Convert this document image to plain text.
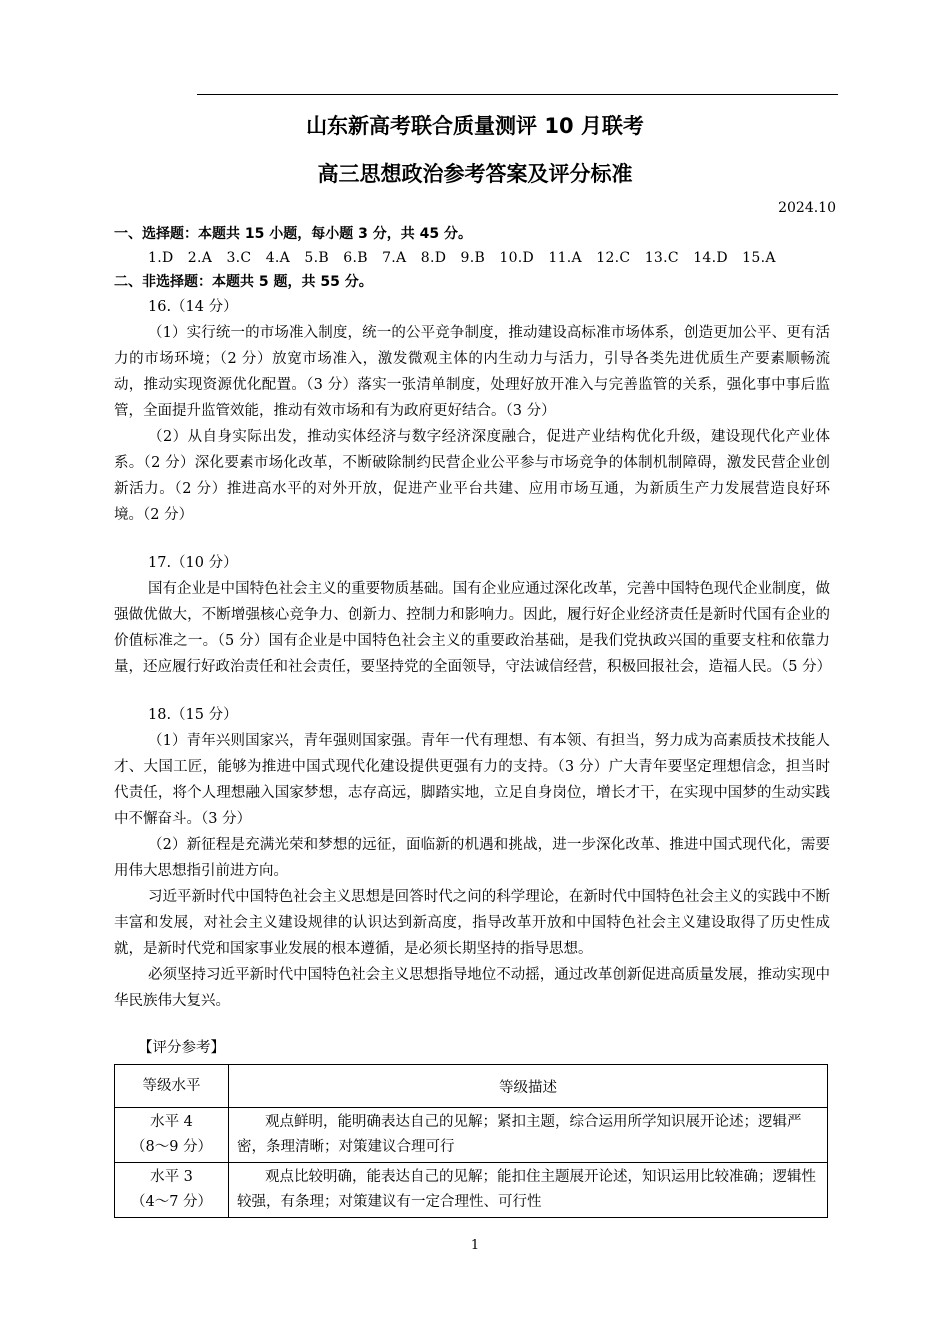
山东新高考联合质量测评 10 月联考
高三思想政治参考答案及评分标准
2024.10
一、选择题：本题共 15 小题，每小题 3 分，共 45 分。
1.D　2.A　3.C　4.A　5.B　6.B　7.A　8.D　9.B　10.D　11.A　12.C　13.C　14.D　15.A
二、非选择题：本题共 5 题，共 55 分。
16.（14 分）
（1）实行统一的市场准入制度，统一的公平竞争制度，推动建设高标准市场体系，创造更加公平、更有活力的市场环境；（2 分）放宽市场准入，激发微观主体的内生动力与活力，引导各类先进优质生产要素顺畅流动，推动实现资源优化配置。（3 分）落实一张清单制度，处理好放开准入与完善监管的关系，强化事中事后监管，全面提升监管效能，推动有效市场和有为政府更好结合。（3 分）
（2）从自身实际出发，推动实体经济与数字经济深度融合，促进产业结构优化升级，建设现代化产业体系。（2 分）深化要素市场化改革，不断破除制约民营企业公平参与市场竞争的体制机制障碍，激发民营企业创新活力。（2 分）推进高水平的对外开放，促进产业平台共建、应用市场互通，为新质生产力发展营造良好环境。（2 分）
17.（10 分）
国有企业是中国特色社会主义的重要物质基础。国有企业应通过深化改革，完善中国特色现代企业制度，做强做优做大，不断增强核心竞争力、创新力、控制力和影响力。因此，履行好企业经济责任是新时代国有企业的价值标准之一。（5 分）国有企业是中国特色社会主义的重要政治基础，是我们党执政兴国的重要支柱和依靠力量，还应履行好政治责任和社会责任，要坚持党的全面领导，守法诚信经营，积极回报社会，造福人民。（5 分）
18.（15 分）
（1）青年兴则国家兴，青年强则国家强。青年一代有理想、有本领、有担当，努力成为高素质技术技能人才、大国工匠，能够为推进中国式现代化建设提供更强有力的支持。（3 分）广大青年要坚定理想信念，担当时代责任，将个人理想融入国家梦想，志存高远，脚踏实地，立足自身岗位，增长才干，在实现中国梦的生动实践中不懈奋斗。（3 分）
（2）新征程是充满光荣和梦想的远征，面临新的机遇和挑战，进一步深化改革、推进中国式现代化，需要用伟大思想指引前进方向。
习近平新时代中国特色社会主义思想是回答时代之问的科学理论，在新时代中国特色社会主义的实践中不断丰富和发展，对社会主义建设规律的认识达到新高度，指导改革开放和中国特色社会主义建设取得了历史性成就，是新时代党和国家事业发展的根本遵循，是必须长期坚持的指导思想。
必须坚持习近平新时代中国特色社会主义思想指导地位不动摇，通过改革创新促进高质量发展，推动实现中华民族伟大复兴。
【评分参考】
等级水平	等级描述

水平 4
（8～9 分）	观点鲜明，能明确表达自己的见解；紧扣主题，综合运用所学知识展开论述；逻辑严密，条理清晰；对策建议合理可行

水平 3
（4～7 分）	观点比较明确，能表达自己的见解；能扣住主题展开论述，知识运用比较准确；逻辑性较强，有条理；对策建议有一定合理性、可行性
1
